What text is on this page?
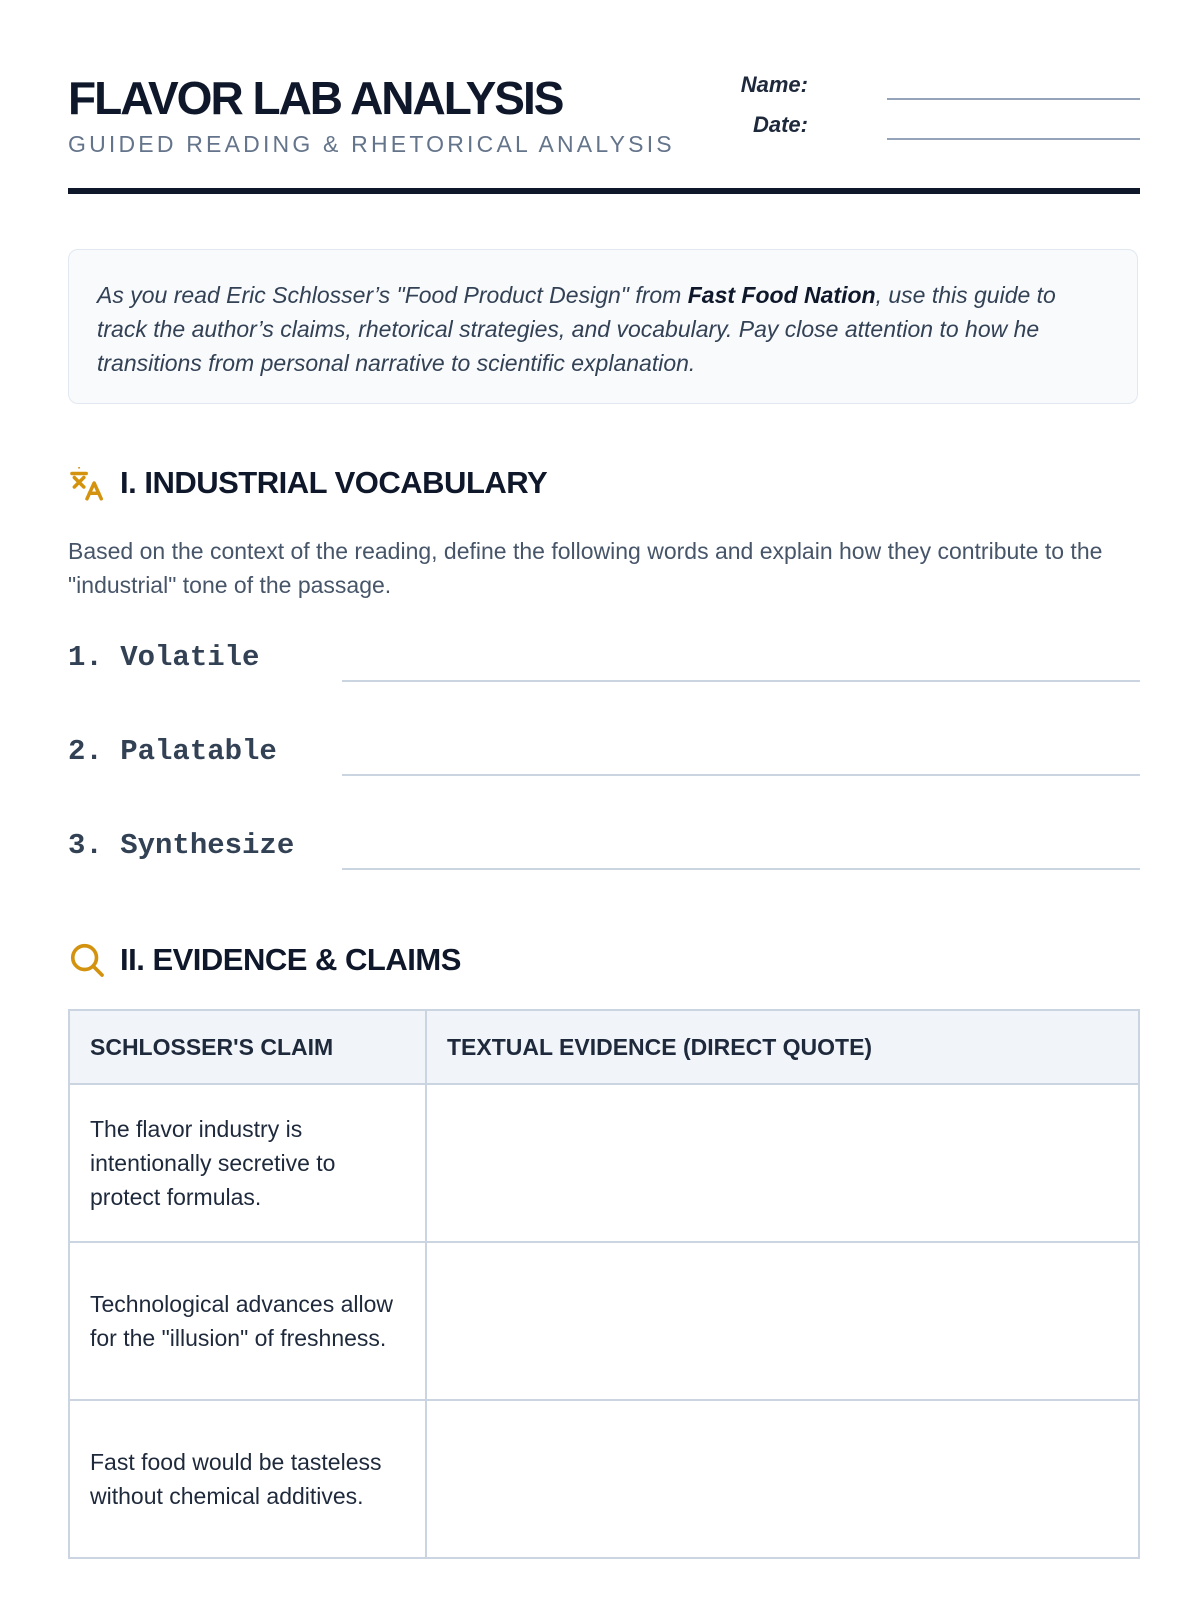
FLAVOR LAB ANALYSIS
GUIDED READING & RHETORICAL ANALYSIS
Name:
Date:
As you read Eric Schlosser’s "Food Product Design" from Fast Food Nation, use this guide to track the author’s claims, rhetorical strategies, and vocabulary. Pay close attention to how he transitions from personal narrative to scientific explanation.
I. INDUSTRIAL VOCABULARY
Based on the context of the reading, define the following words and explain how they contribute to the "industrial" tone of the passage.
1. Volatile
2. Palatable
3. Synthesize
II. EVIDENCE & CLAIMS
SCHLOSSER'S CLAIM	TEXTUAL EVIDENCE (DIRECT QUOTE)
The flavor industry is intentionally secretive to protect formulas.	
Technological advances allow for the "illusion" of freshness.	
Fast food would be tasteless without chemical additives.	
